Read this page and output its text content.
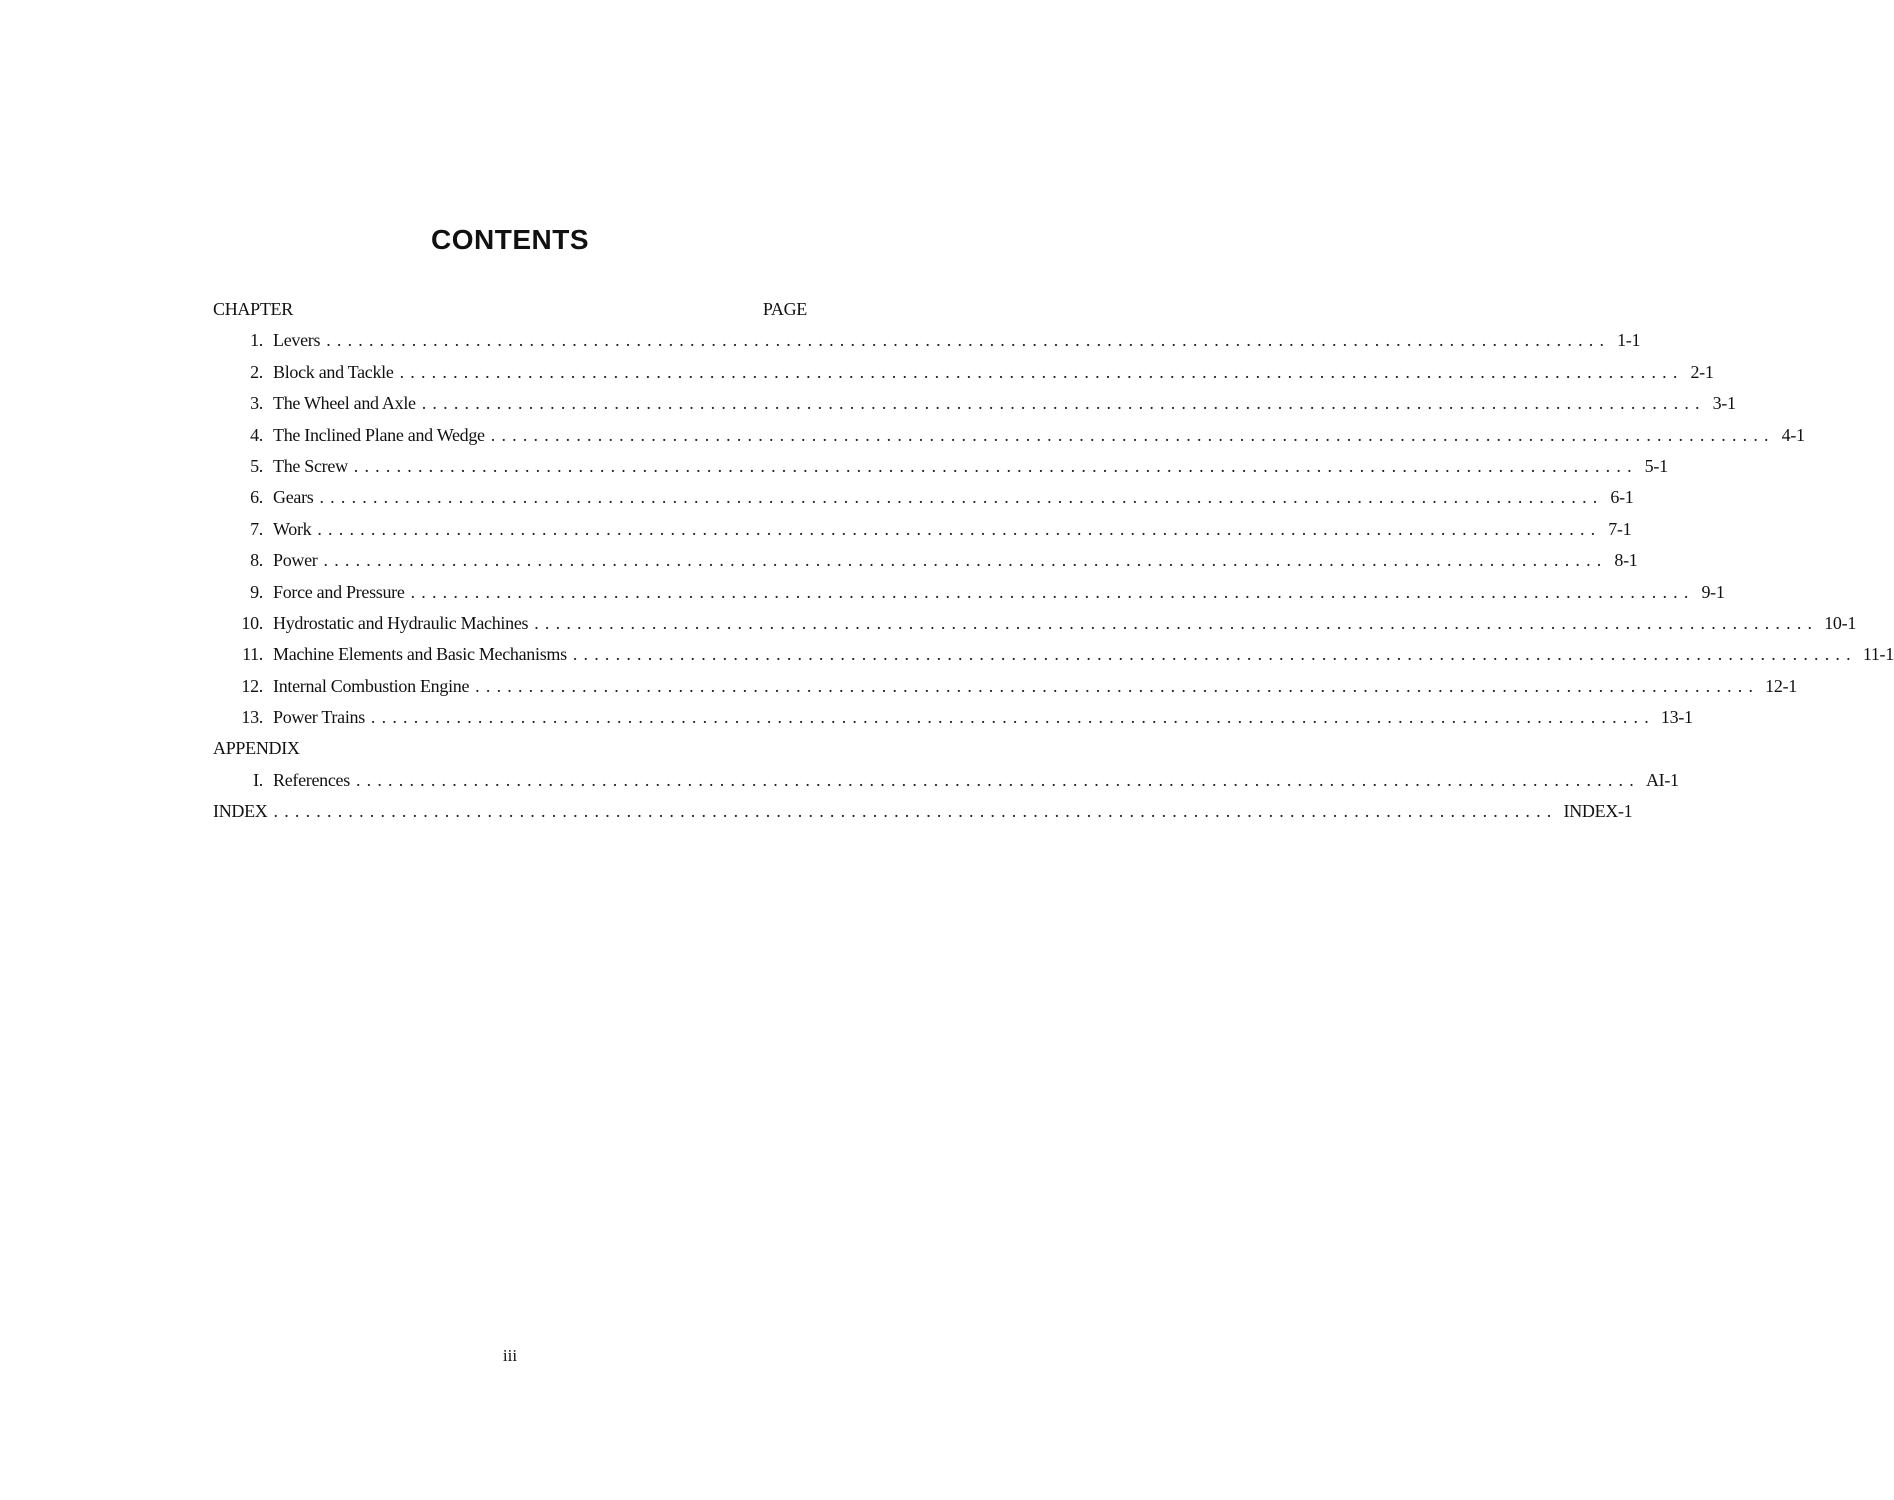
CONTENTS
CHAPTER	PAGE
1. Levers ........................................................................................................................ 1-1
2. Block and Tackle ........................................................................................................................ 2-1
3. The Wheel and Axle ........................................................................................................................ 3-1
4. The Inclined Plane and Wedge ........................................................................................................................ 4-1
5. The Screw ........................................................................................................................ 5-1
6. Gears ........................................................................................................................ 6-1
7. Work ........................................................................................................................ 7-1
8. Power ........................................................................................................................ 8-1
9. Force and Pressure ........................................................................................................................ 9-1
10. Hydrostatic and Hydraulic Machines ........................................................................................................................ 10-1
11. Machine Elements and Basic Mechanisms ........................................................................................................................ 11-1
12. Internal Combustion Engine ........................................................................................................................ 12-1
13. Power Trains ........................................................................................................................ 13-1
APPENDIX
I. References ........................................................................................................................ AI-1
INDEX ........................................................................................................................ INDEX-1
iii
